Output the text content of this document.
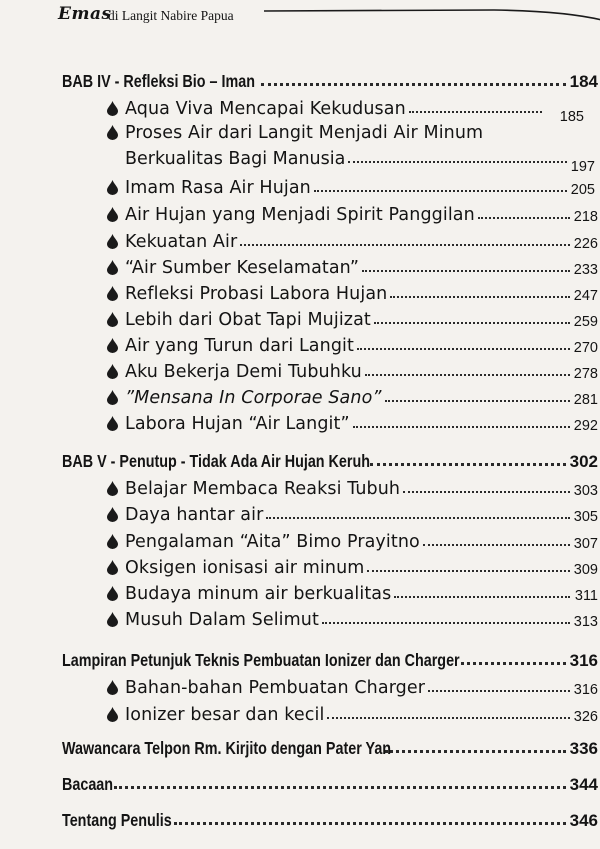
Emas
di Langit Nabire Papua
BAB IV - Refleksi Bio – Iman	184
Aqua Viva Mencapai Kekudusan	185
Proses Air dari Langit Menjadi Air Minum
Berkualitas Bagi Manusia	197
Imam Rasa Air Hujan	205
Air Hujan yang Menjadi Spirit Panggilan	218
Kekuatan Air	226
“Air Sumber Keselamatan”	233
Refleksi Probasi Labora Hujan	247
Lebih dari Obat Tapi Mujizat	259
Air yang Turun dari Langit	270
Aku Bekerja Demi Tubuhku	278
”Mensana In Corporae Sano”	281
Labora Hujan “Air Langit”	292
BAB V - Penutup - Tidak Ada Air Hujan Keruh	302
Belajar Membaca Reaksi Tubuh	303
Daya hantar air	305
Pengalaman “Aita” Bimo Prayitno	307
Oksigen ionisasi air minum	309
Budaya minum air berkualitas	311
Musuh Dalam Selimut	313
Lampiran Petunjuk Teknis Pembuatan Ionizer dan Charger	316
Bahan-bahan Pembuatan Charger	316
Ionizer besar dan kecil	326
Wawancara Telpon Rm. Kirjito dengan Pater Yan	336
Bacaan	344
Tentang Penulis	346
